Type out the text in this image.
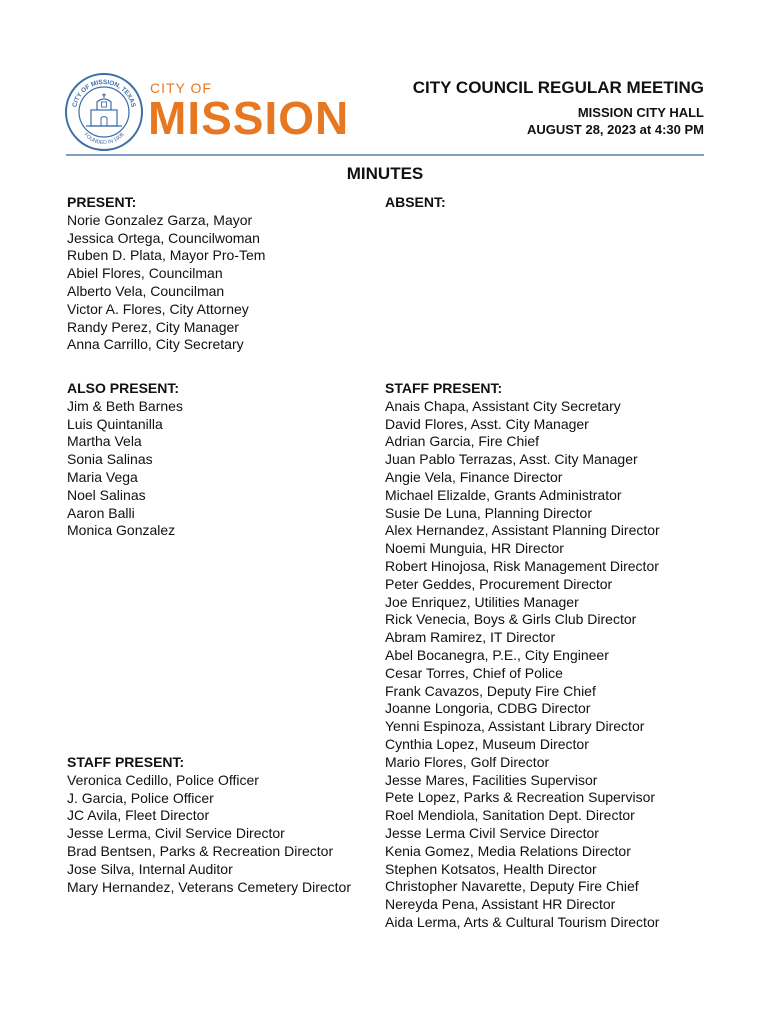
CITY OF MISSION, TEXAS
FOUNDED IN 1908
CITY OF
MISSION
CITY COUNCIL REGULAR MEETING
MISSION CITY HALL
AUGUST 28, 2023 at 4:30 PM
MINUTES
PRESENT:
Norie Gonzalez Garza, Mayor
Jessica Ortega, Councilwoman
Ruben D. Plata, Mayor Pro-Tem
Abiel Flores, Councilman
Alberto Vela, Councilman
Victor A. Flores, City Attorney
Randy Perez, City Manager
Anna Carrillo, City Secretary
ABSENT:
ALSO PRESENT:
Jim & Beth Barnes
Luis Quintanilla
Martha Vela
Sonia Salinas
Maria Vega
Noel Salinas
Aaron Balli
Monica Gonzalez
STAFF PRESENT:
Anais Chapa, Assistant City Secretary
David Flores, Asst. City Manager
Adrian Garcia, Fire Chief
Juan Pablo Terrazas, Asst. City Manager
Angie Vela, Finance Director
Michael Elizalde, Grants Administrator
Susie De Luna, Planning Director
Alex Hernandez, Assistant Planning Director
Noemi Munguia, HR Director
Robert Hinojosa, Risk Management Director
Peter Geddes, Procurement Director
Joe Enriquez, Utilities Manager
Rick Venecia, Boys & Girls Club Director
Abram Ramirez, IT Director
Abel Bocanegra, P.E., City Engineer
Cesar Torres, Chief of Police
Frank Cavazos, Deputy Fire Chief
Joanne Longoria, CDBG Director
Yenni Espinoza, Assistant Library Director
Cynthia Lopez, Museum Director
Mario Flores, Golf Director
Jesse Mares, Facilities Supervisor
Pete Lopez, Parks & Recreation Supervisor
Roel Mendiola, Sanitation Dept. Director
Jesse Lerma Civil Service Director
Kenia Gomez, Media Relations Director
Stephen Kotsatos, Health Director
Christopher Navarette, Deputy Fire Chief
Nereyda Pena, Assistant HR Director
Aida Lerma, Arts & Cultural Tourism Director
STAFF PRESENT:
Veronica Cedillo, Police Officer
J. Garcia, Police Officer
JC Avila, Fleet Director
Jesse Lerma, Civil Service Director
Brad Bentsen, Parks & Recreation Director
Jose Silva, Internal Auditor
Mary Hernandez, Veterans Cemetery Director
